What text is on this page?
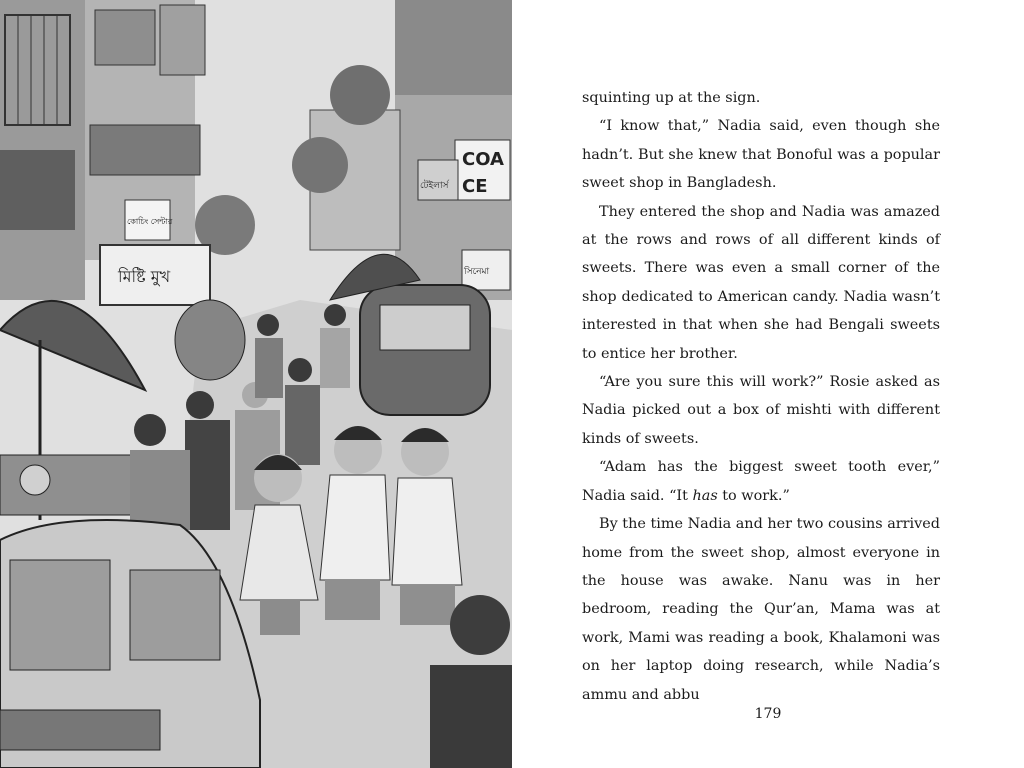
COA
CE
টেইলার্স
সিনেমা
মিষ্টি মুখ
কোচিং সেন্টার

squinting up at the sign.

“I know that,” Nadia said, even though she hadn’t. But she knew that Bonoful was a popular sweet shop in Bangladesh.

They entered the shop and Nadia was amazed at the rows and rows of all different kinds of sweets. There was even a small corner of the shop dedicated to American candy. Nadia wasn’t interested in that when she had Bengali sweets to entice her brother.

“Are you sure this will work?” Rosie asked as Nadia picked out a box of mishti with different kinds of sweets.

“Adam has the biggest sweet tooth ever,” Nadia said. “It has to work.”

By the time Nadia and her two cousins arrived home from the sweet shop, almost everyone in the house was awake. Nanu was in her bedroom, reading the Qur’an, Mama was at work, Mami was reading a book, Khalamoni was on her laptop doing research, while Nadia’s ammu and abbu

179
